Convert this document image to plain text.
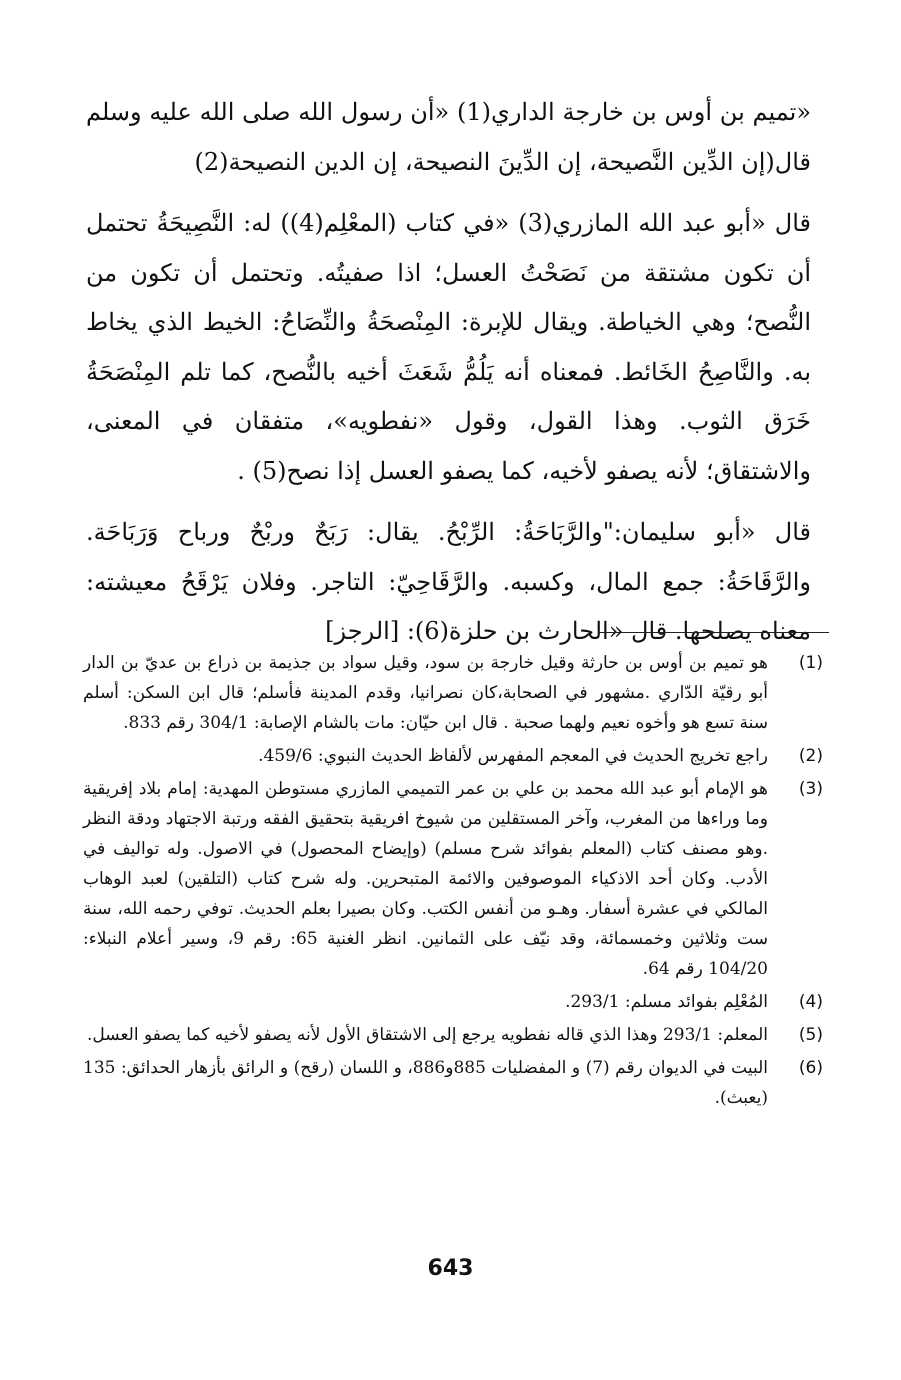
«تميم بن أوس بن خارجة الداري(1) «أن رسول الله صلى الله عليه وسلم قال(إن الدِّين النَّصيحة، إن الدِّينَ النصيحة، إن الدين النصيحة(2)

قال «أبو عبد الله المازري(3) «في كتاب (المعْلِم(4)) له: النَّصِيحَةُ تحتمل أن تكون مشتقة من نَصَحْتُ العسل؛ اذا صفيتُه. وتحتمل أن تكون من النُّصح؛ وهي الخياطة. ويقال للإبرة: المِنْصحَةُ والنِّصَاحُ: الخيط الذي يخاط به. والنَّاصِحُ الخَائط. فمعناه أنه يَلُمُّ شَعَثَ أخيه بالنُّصح، كما تلم المِنْصَحَةُ خَرَق الثوب. وهذا القول، وقول «نفطويه»، متفقان في المعنى، والاشتقاق؛ لأنه يصفو لأخيه، كما يصفو العسل إذا نصح(5) .

قال «أبو سليمان:"والرَّبَاحَةُ: الرِّبْحُ. يقال: رَبَحٌ وربْحٌ ورباح وَرَبَاحَة. والرَّقَاحَةُ: جمع المال، وكسبه. والرَّقَاحِيّ: التاجر. وفلان يَرْقَحُ معيشته: معناه يصلحها. قال «الحارث بن حلزة(6): [الرجز]

(1)
هو تميم بن أوس بن حارثة وقيل خارجة بن سود، وقيل سواد بن جذيمة بن ذراع بن عديّ بن الدار أبو رقيّة الدّاري .مشهور في الصحابة،كان نصرانيا، وقدم المدينة فأسلم؛ قال ابن السكن: أسلم سنة تسع هو وأخوه نعيم ولهما صحبة . قال ابن حيّان: مات بالشام الإصابة: 304/1 رقم 833.
(2)
راجع تخريج الحديث في المعجم المفهرس لألفاظ الحديث النبوي: 459/6.
(3)
هو الإمام أبو عبد الله محمد بن علي بن عمر التميمي المازري مستوطن المهدية: إمام بلاد إفريقية وما وراءها من المغرب، وآخر المستقلين من شيوخ افريقية بتحقيق الفقه ورتبة الاجتهاد ودقة النظر .وهو مصنف كتاب (المعلم بفوائد شرح مسلم) (وإيضاح المحصول) في الاصول. وله تواليف في الأدب. وكان أحد الاذكياء الموصوفين والائمة المتبحرين. وله شرح كتاب (التلقين) لعبد الوهاب المالكي في عشرة أسفار. وهـو من أنفس الكتب. وكان بصيرا بعلم الحديث. توفي رحمه الله، سنة ست وثلاثين وخمسمائة، وقد نيّف على الثمانين. انظر الغنية 65: رقم 9، وسير أعلام النبلاء: 104/20 رقم 64.
(4)
المُعْلِم بفوائد مسلم: 293/1.
(5)
المعلم: 293/1 وهذا الذي قاله نفطويه يرجع إلى الاشتقاق الأول لأنه يصفو لأخيه كما يصفو العسل.
(6)
البيت في الديوان رقم (7) و المفضليات 885و886، و اللسان (رقح) و الرائق بأزهار الحدائق: 135 (يعبث).
643
